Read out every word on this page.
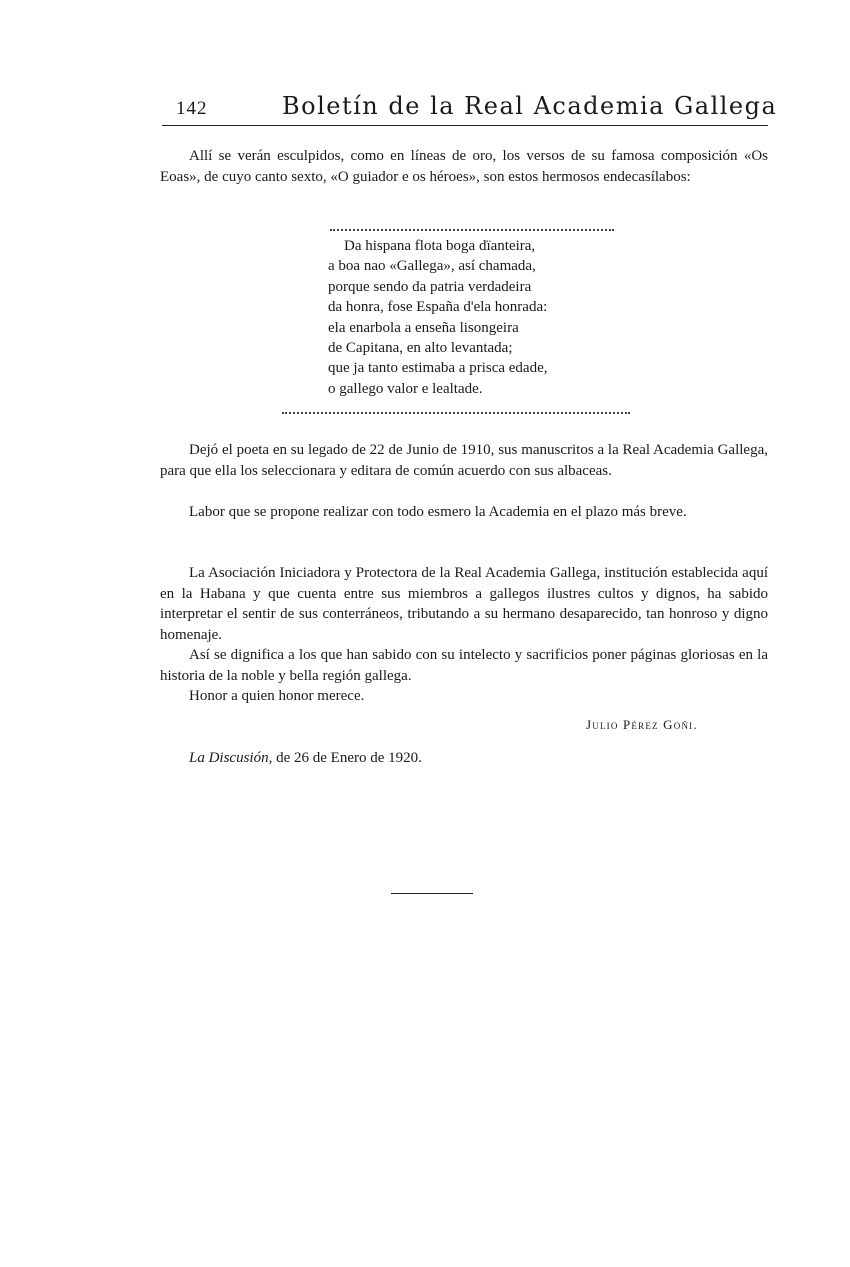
142	Boletín de la Real Academia Gallega

Allí se verán esculpidos, como en líneas de oro, los versos de su famosa composición «Os Eoas», de cuyo canto sexto, «O guiador e os héroes», son estos hermosos endecasílabos:

Da hispana flota boga dïanteira,
a boa nao «Gallega», así chamada,
porque sendo da patria verdadeira
da honra, fose España d'ela honrada:
ela enarbola a enseña lisongeira
de Capitana, en alto levantada;
que ja tanto estimaba a prisca edade,
o gallego valor e lealtade.

Dejó el poeta en su legado de 22 de Junio de 1910, sus manuscritos a la Real Academia Gallega, para que ella los seleccionara y editara de común acuerdo con sus albaceas.

Labor que se propone realizar con todo esmero la Academia en el plazo más breve.

La Asociación Iniciadora y Protectora de la Real Academia Gallega, institución establecida aquí en la Habana y que cuenta entre sus miembros a gallegos ilustres cultos y dignos, ha sabido interpretar el sentir de sus conterráneos, tributando a su hermano desaparecido, tan honroso y digno homenaje.

Así se dignifica a los que han sabido con su intelecto y sacrificios poner páginas gloriosas en la historia de la noble y bella región gallega.

Honor a quien honor merece.

Julio Pérez Goñi.
La Discusión, de 26 de Enero de 1920.
